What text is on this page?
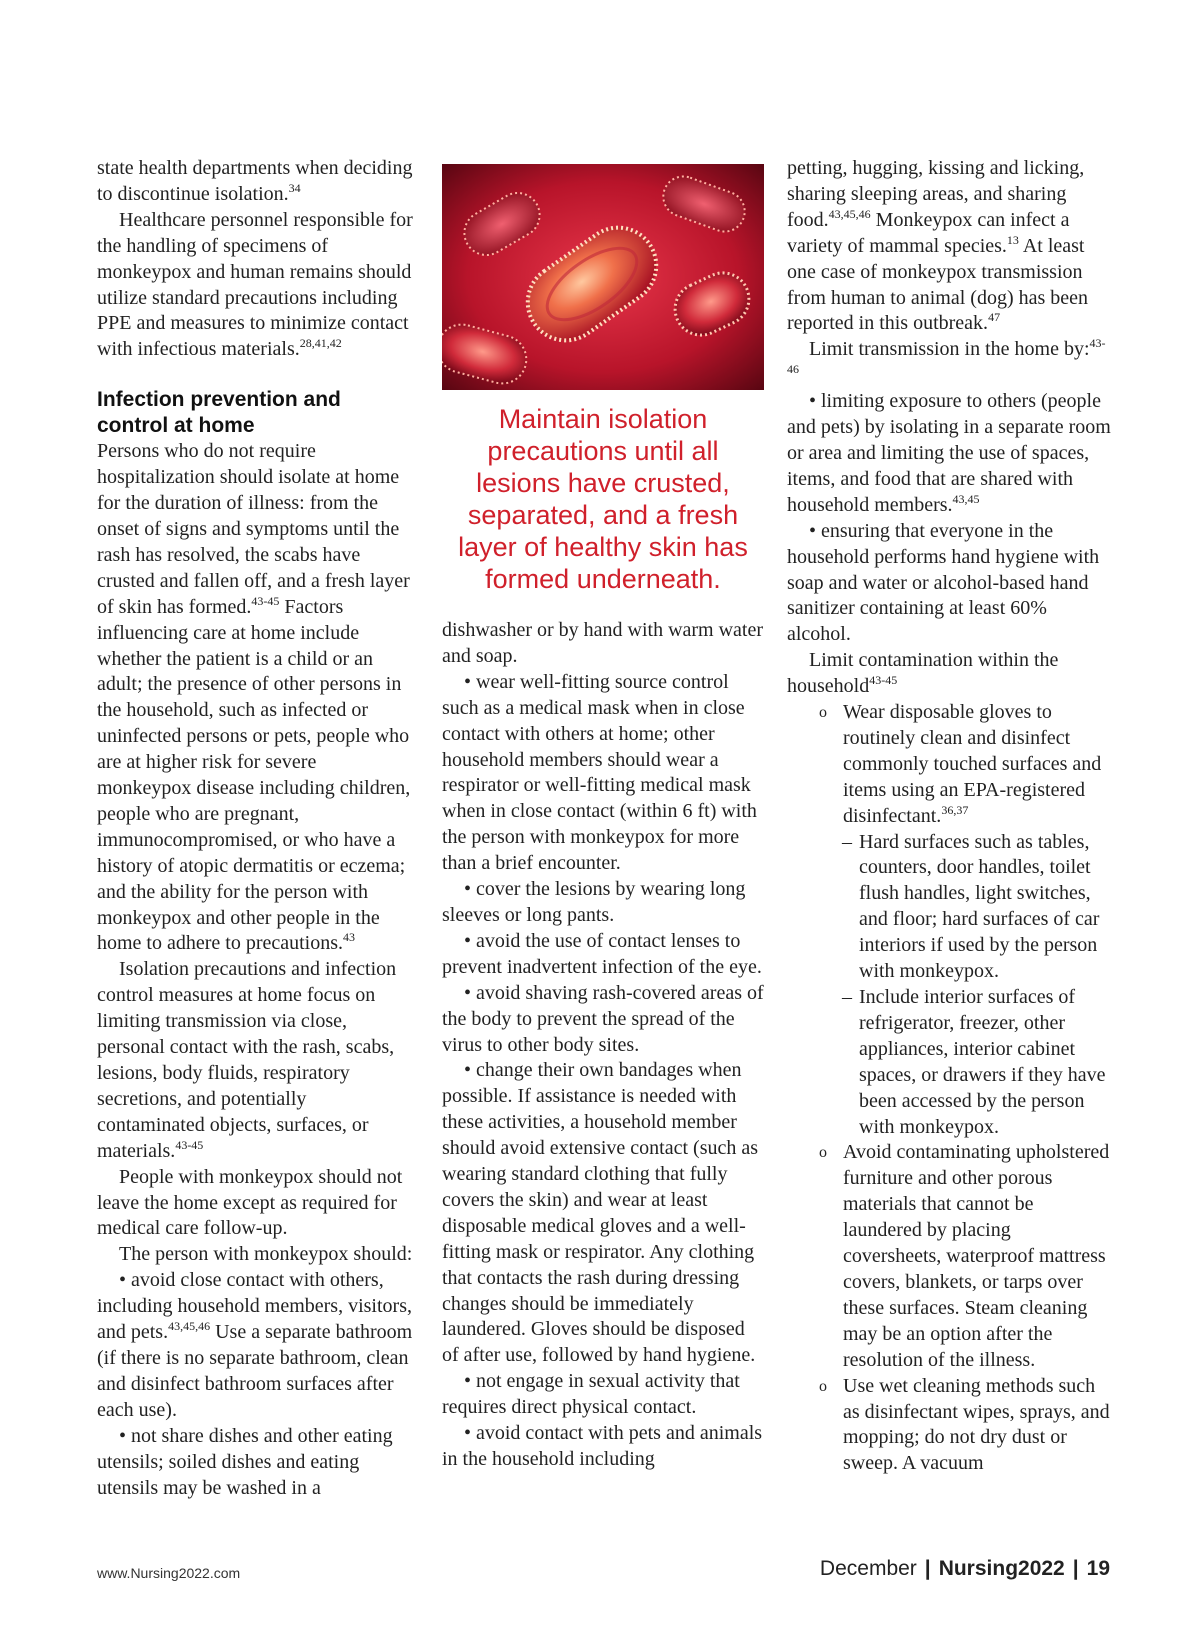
state health departments when deciding to discontinue isolation.$^{34}$

Healthcare personnel responsible for the handling of specimens of monkeypox and human remains should utilize standard precautions including PPE and measures to minimize contact with infectious materials.$^{28,41,42}$

Infection prevention and control at home

Persons who do not require hospitalization should isolate at home for the duration of illness: from the onset of signs and symptoms until the rash has resolved, the scabs have crusted and fallen off, and a fresh layer of skin has formed.$^{43-45}$ Factors influencing care at home include whether the patient is a child or an adult; the presence of other persons in the household, such as infected or uninfected persons or pets, people who are at higher risk for severe monkeypox disease including children, people who are pregnant, immunocompromised, or who have a history of atopic dermatitis or eczema; and the ability for the person with monkeypox and other people in the home to adhere to precautions.$^{43}$

Isolation precautions and infection control measures at home focus on limiting transmission via close, personal contact with the rash, scabs, lesions, body fluids, respiratory secretions, and potentially contaminated objects, surfaces, or materials.$^{43-45}$

People with monkeypox should not leave the home except as required for medical care follow-up.

The person with monkeypox should:

• avoid close contact with others, including household members, visitors, and pets.$^{43,45,46}$ Use a separate bathroom (if there is no separate bathroom, clean and disinfect bathroom surfaces after each use).

• not share dishes and other eating utensils; soiled dishes and eating utensils may be washed in a

Maintain isolation precautions until all lesions have crusted, separated, and a fresh layer of healthy skin has formed underneath.

dishwasher or by hand with warm water and soap.

• wear well-fitting source control such as a medical mask when in close contact with others at home; other household members should wear a respirator or well-fitting medical mask when in close contact (within 6 ft) with the person with monkeypox for more than a brief encounter.

• cover the lesions by wearing long sleeves or long pants.

• avoid the use of contact lenses to prevent inadvertent infection of the eye.

• avoid shaving rash-covered areas of the body to prevent the spread of the virus to other body sites.

• change their own bandages when possible. If assistance is needed with these activities, a household member should avoid extensive contact (such as wearing standard clothing that fully covers the skin) and wear at least disposable medical gloves and a well-fitting mask or respirator. Any clothing that contacts the rash during dressing changes should be immediately laundered. Gloves should be disposed of after use, followed by hand hygiene.

• not engage in sexual activity that requires direct physical contact.

• avoid contact with pets and animals in the household including

petting, hugging, kissing and licking, sharing sleeping areas, and sharing food.$^{43,45,46}$ Monkeypox can infect a variety of mammal species.$^{13}$ At least one case of monkeypox transmission from human to animal (dog) has been reported in this outbreak.$^{47}$

Limit transmission in the home by:$^{43-46}$

• limiting exposure to others (people and pets) by isolating in a separate room or area and limiting the use of spaces, items, and food that are shared with household members.$^{43,45}$

• ensuring that everyone in the household performs hand hygiene with soap and water or alcohol-based hand sanitizer containing at least 60% alcohol.

Limit contamination within the household$^{43-45}$

o Wear disposable gloves to routinely clean and disinfect commonly touched surfaces and items using an EPA-registered disinfectant.$^{36,37}$

– Hard surfaces such as tables, counters, door handles, toilet flush handles, light switches, and floor; hard surfaces of car interiors if used by the person with monkeypox.

– Include interior surfaces of refrigerator, freezer, other appliances, interior cabinet spaces, or drawers if they have been accessed by the person with monkeypox.

o Avoid contaminating upholstered furniture and other porous materials that cannot be laundered by placing coversheets, waterproof mattress covers, blankets, or tarps over these surfaces. Steam cleaning may be an option after the resolution of the illness.

o Use wet cleaning methods such as disinfectant wipes, sprays, and mopping; do not dry dust or sweep. A vacuum

www.Nursing2022.com	December | Nursing2022 | 19
